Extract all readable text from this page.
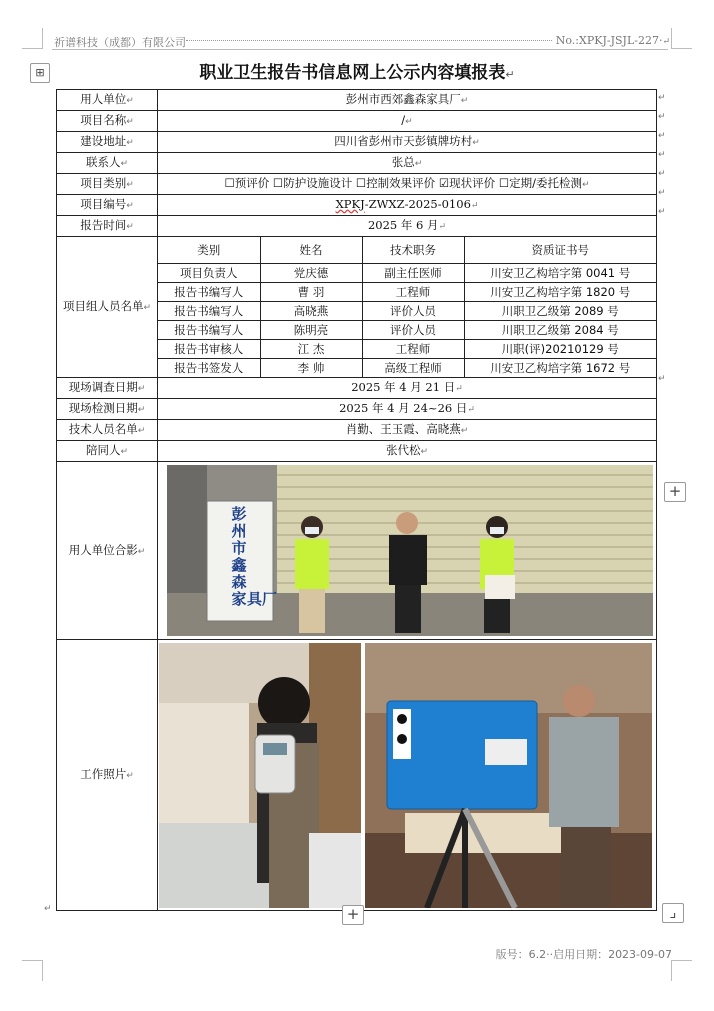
祈谱科技（成都）有限公司	No.:XPKJ-JSJL-227·↵
⊞	职业卫生报告书信息网上公示内容填报表↵
用人单位↵	彭州市西郊鑫森家具厂↵
项目名称↵	/↵
建设地址↵	四川省彭州市天彭镇牌坊村↵
联系人↵	张总↵
项目类别↵	☐预评价 ☐防护设施设计 ☐控制效果评价 ☑现状评价 ☐定期/委托检测↵
项目编号↵	XPKJ-ZWXZ-2025-0106↵
报告时间↵	2025 年 6 月↵
项目组人员名单↵	
类别	姓名	技术职务	资质证书号
项目负责人	党庆德	副主任医师	川安卫乙构培字第 0041 号
报告书编写人	曹 羽	工程师	川安卫乙构培字第 1820 号
报告书编写人	高晓燕	评价人员	川职卫乙级第 2089 号
报告书编写人	陈明亮	评价人员	川职卫乙级第 2084 号
报告书审核人	江 杰	工程师	川职(评)20210129 号
报告书签发人	李 帅	高级工程师	川安卫乙构培字第 1672 号

现场调查日期↵	2025 年 4 月 21 日↵
现场检测日期↵	2025 年 4 月 24~26 日↵
技术人员名单↵	肖勤、王玉霞、高晓燕↵
陪同人↵	张代松↵
用人单位合影↵	
彭
州
市
鑫
森
家 具厂

工作照片↵	
↵
↵
↵
↵
↵
↵
↵
↵
+
+	⌟
↵
版号：6.2··启用日期：2023-09-07
